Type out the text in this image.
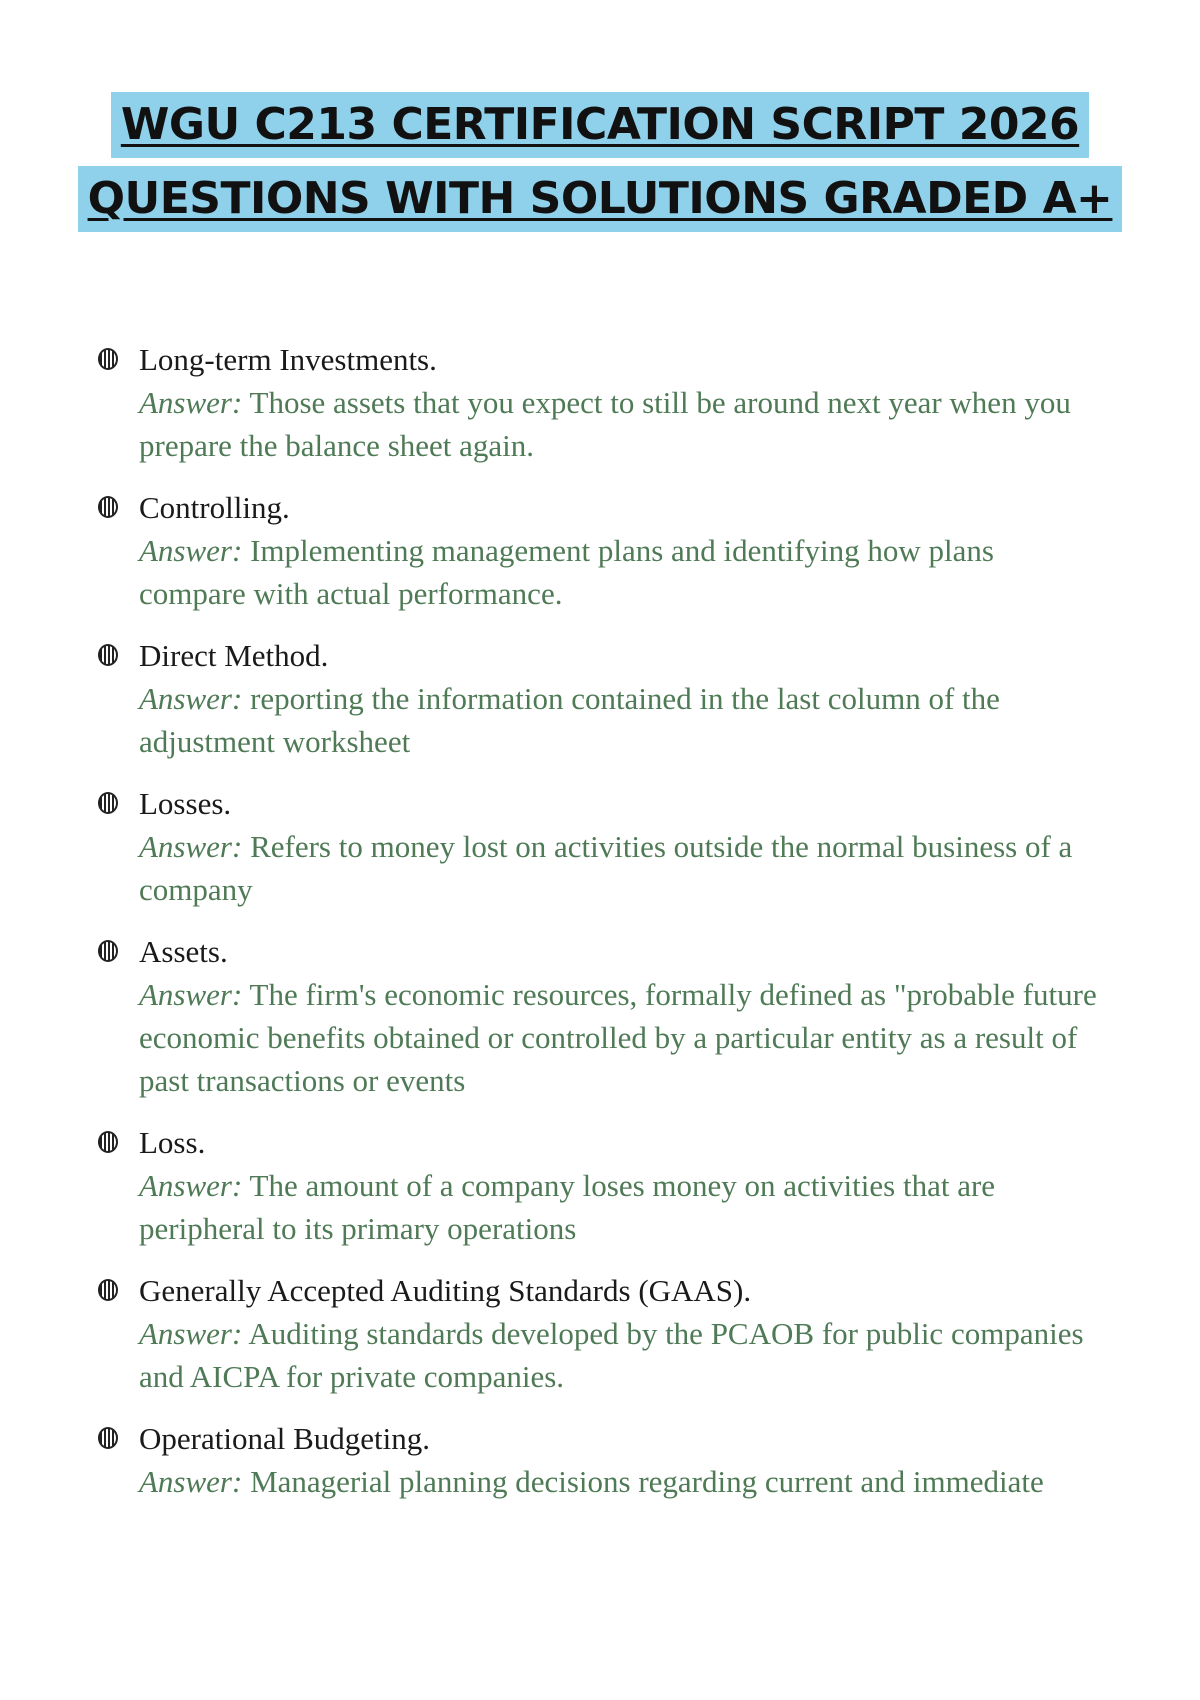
WGU C213 CERTIFICATION SCRIPT 2026
QUESTIONS WITH SOLUTIONS GRADED A+
Long-term Investments.
Answer: Those assets that you expect to still be around next year when you prepare the balance sheet again.
Controlling.
Answer: Implementing management plans and identifying how plans compare with actual performance.
Direct Method.
Answer: reporting the information contained in the last column of the adjustment worksheet
Losses.
Answer: Refers to money lost on activities outside the normal business of a company
Assets.
Answer: The firm's economic resources, formally defined as "probable future economic benefits obtained or controlled by a particular entity as a result of past transactions or events
Loss.
Answer: The amount of a company loses money on activities that are peripheral to its primary operations
Generally Accepted Auditing Standards (GAAS).
Answer: Auditing standards developed by the PCAOB for public companies and AICPA for private companies.
Operational Budgeting.
Answer: Managerial planning decisions regarding current and immediate
